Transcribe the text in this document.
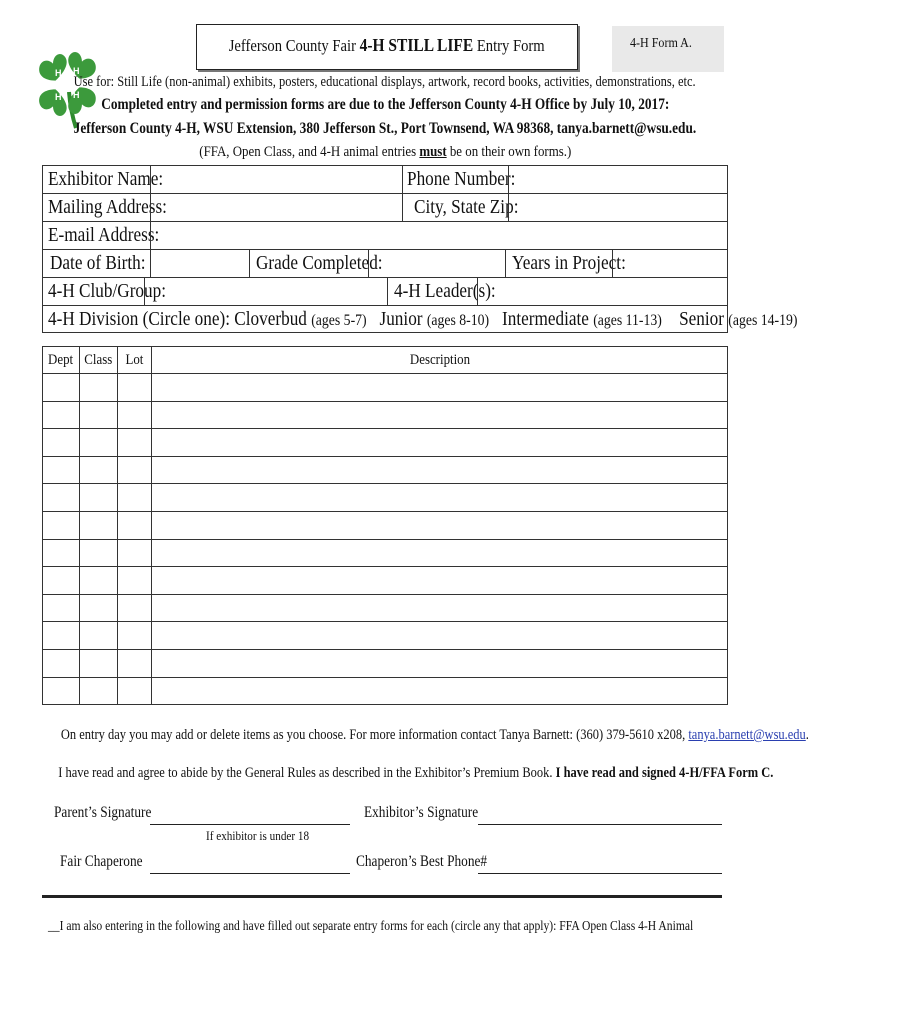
Jefferson County Fair 4-H STILL LIFE Entry Form	4-H Form A.
H H
H H
Use for: Still Life (non-animal) exhibits, posters, educational displays, artwork, record books, activities, demonstrations, etc.
Completed entry and permission forms are due to the Jefferson County 4-H Office by July 10, 2017:
Jefferson County 4-H, WSU Extension, 380 Jefferson St., Port Townsend, WA 98368, tanya.barnett@wsu.edu.
(FFA, Open Class, and 4-H animal entries must be on their own forms.)
Exhibitor Name:	Phone Number:
Mailing Address:	City, State Zip:
E-mail Address:
Date of Birth:	Grade Completed:	Years in Project:
4-H Club/Group:	4-H Leader(s):
4-H Division (Circle one): Cloverbud (ages 5-7) Junior (ages 8-10) Intermediate (ages 11-13) Senior (ages 14-19)
Dept	Class	Lot	Description

On entry day you may add or delete items as you choose. For more information contact Tanya Barnett: (360) 379-5610 x208, tanya.barnett@wsu.edu.
I have read and agree to abide by the General Rules as described in the Exhibitor’s Premium Book. I have read and signed 4-H/FFA Form C.
Parent’s Signature
If exhibitor is under 18
Exhibitor’s Signature
Fair Chaperone	Chaperon’s Best Phone#
__I am also entering in the following and have filled out separate entry forms for each (circle any that apply): FFA Open Class 4-H Animal
